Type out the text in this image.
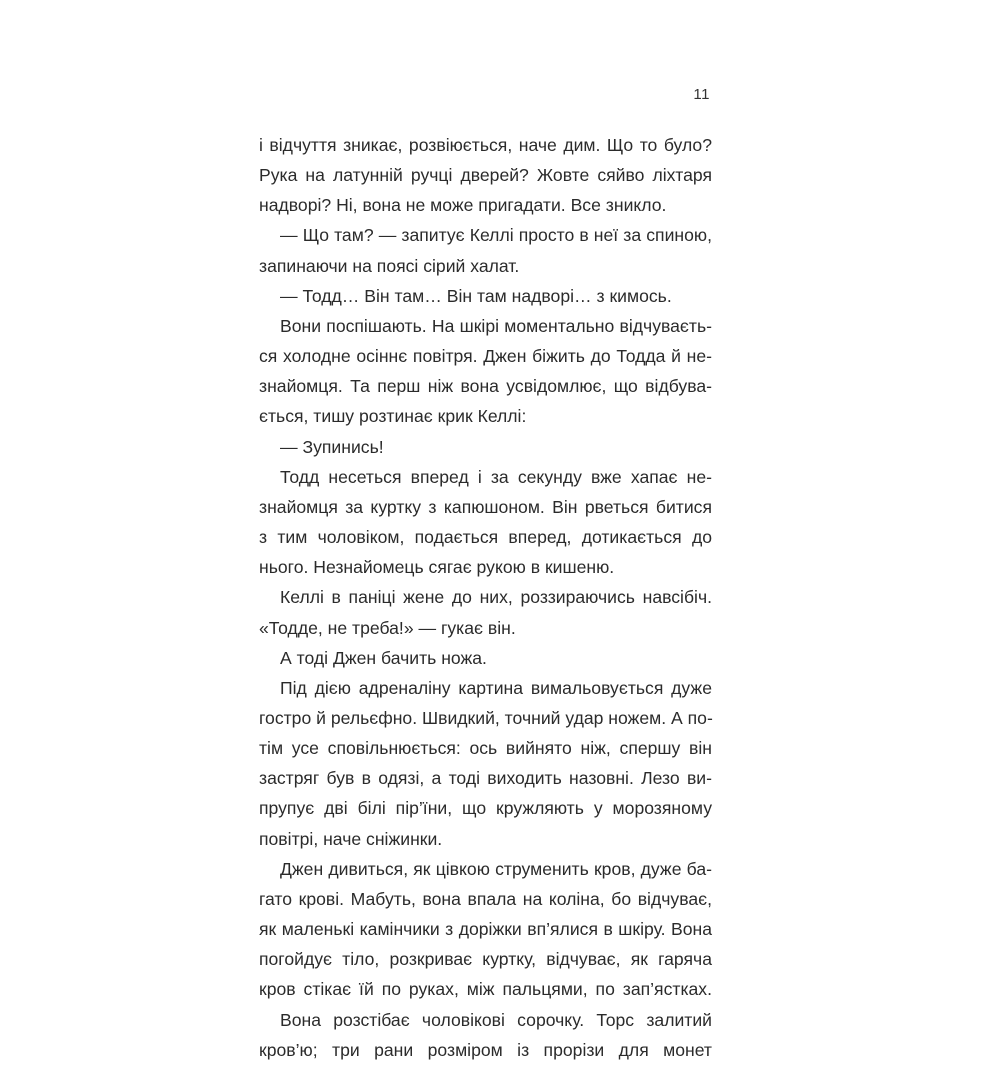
11
і відчуття зникає, розвіюється, наче дим. Що то було?
Рука на латунній ручці дверей? Жовте сяйво ліхтаря
надворі? Ні, вона не може пригадати. Все зникло.
— Що там? — запитує Келлі просто в неї за спиною,
запинаючи на поясі сірий халат.
— Тодд… Він там… Він там надворі… з кимось.
Вони поспішають. На шкірі моментально відчуваєть-
ся холодне осіннє повітря. Джен біжить до Тодда й не-
знайомця. Та перш ніж вона усвідомлює, що відбува-
ється, тишу розтинає крик Келлі:
— Зупинись!
Тодд несеться вперед і за секунду вже хапає не-
знайомця за куртку з капюшоном. Він рветься битися
з тим чоловіком, подається вперед, дотикається до
нього. Незнайомець сягає рукою в кишеню.
Келлі в паніці жене до них, роззираючись навсібіч.
«Тодде, не треба!» — гукає він.
А тоді Джен бачить ножа.
Під дією адреналіну картина вимальовується дуже
гостро й рельєфно. Швидкий, точний удар ножем. А по-
тім усе сповільнюється: ось вийнято ніж, спершу він
застряг був в одязі, а тоді виходить назовні. Лезо ви-
прупує дві білі пір’їни, що кружляють у морозяному
повітрі, наче сніжинки.
Джен дивиться, як цівкою струменить кров, дуже ба-
гато крові. Мабуть, вона впала на коліна, бо відчуває,
як маленькі камінчики з доріжки вп’ялися в шкіру. Вона
погойдує тіло, розкриває куртку, відчуває, як гаряча
кров стікає їй по руках, між пальцями, по зап’ястках.
Вона розстібає чоловікові сорочку. Торс залитий
кров’ю; три рани розміром із прорізи для монет
